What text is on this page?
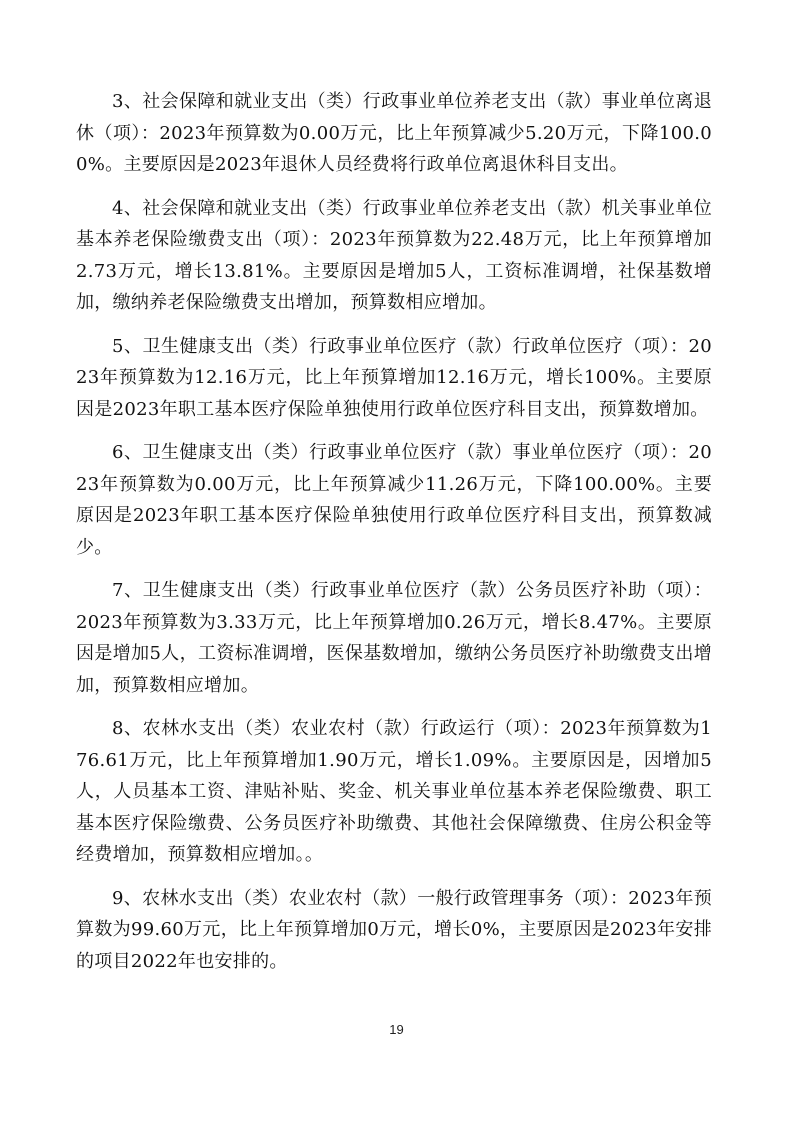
3、社会保障和就业支出（类）行政事业单位养老支出（款）事业单位离退休（项）：2023年预算数为0.00万元，比上年预算减少5.20万元，下降100.00%。主要原因是2023年退休人员经费将行政单位离退休科目支出。

4、社会保障和就业支出（类）行政事业单位养老支出（款）机关事业单位基本养老保险缴费支出（项）：2023年预算数为22.48万元，比上年预算增加2.73万元，增长13.81%。主要原因是增加5人，工资标准调增，社保基数增加，缴纳养老保险缴费支出增加，预算数相应增加。

5、卫生健康支出（类）行政事业单位医疗（款）行政单位医疗（项）：2023年预算数为12.16万元，比上年预算增加12.16万元，增长100%。主要原因是2023年职工基本医疗保险单独使用行政单位医疗科目支出，预算数增加。

6、卫生健康支出（类）行政事业单位医疗（款）事业单位医疗（项）：2023年预算数为0.00万元，比上年预算减少11.26万元，下降100.00%。主要原因是2023年职工基本医疗保险单独使用行政单位医疗科目支出，预算数减少。

7、卫生健康支出（类）行政事业单位医疗（款）公务员医疗补助（项）：2023年预算数为3.33万元，比上年预算增加0.26万元，增长8.47%。主要原因是增加5人，工资标准调增，医保基数增加，缴纳公务员医疗补助缴费支出增加，预算数相应增加。

8、农林水支出（类）农业农村（款）行政运行（项）：2023年预算数为176.61万元，比上年预算增加1.90万元，增长1.09%。主要原因是，因增加5人，人员基本工资、津贴补贴、奖金、机关事业单位基本养老保险缴费、职工基本医疗保险缴费、公务员医疗补助缴费、其他社会保障缴费、住房公积金等经费增加，预算数相应增加。。

9、农林水支出（类）农业农村（款）一般行政管理事务（项）：2023年预算数为99.60万元，比上年预算增加0万元，增长0%，主要原因是2023年安排的项目2022年也安排的。

19
